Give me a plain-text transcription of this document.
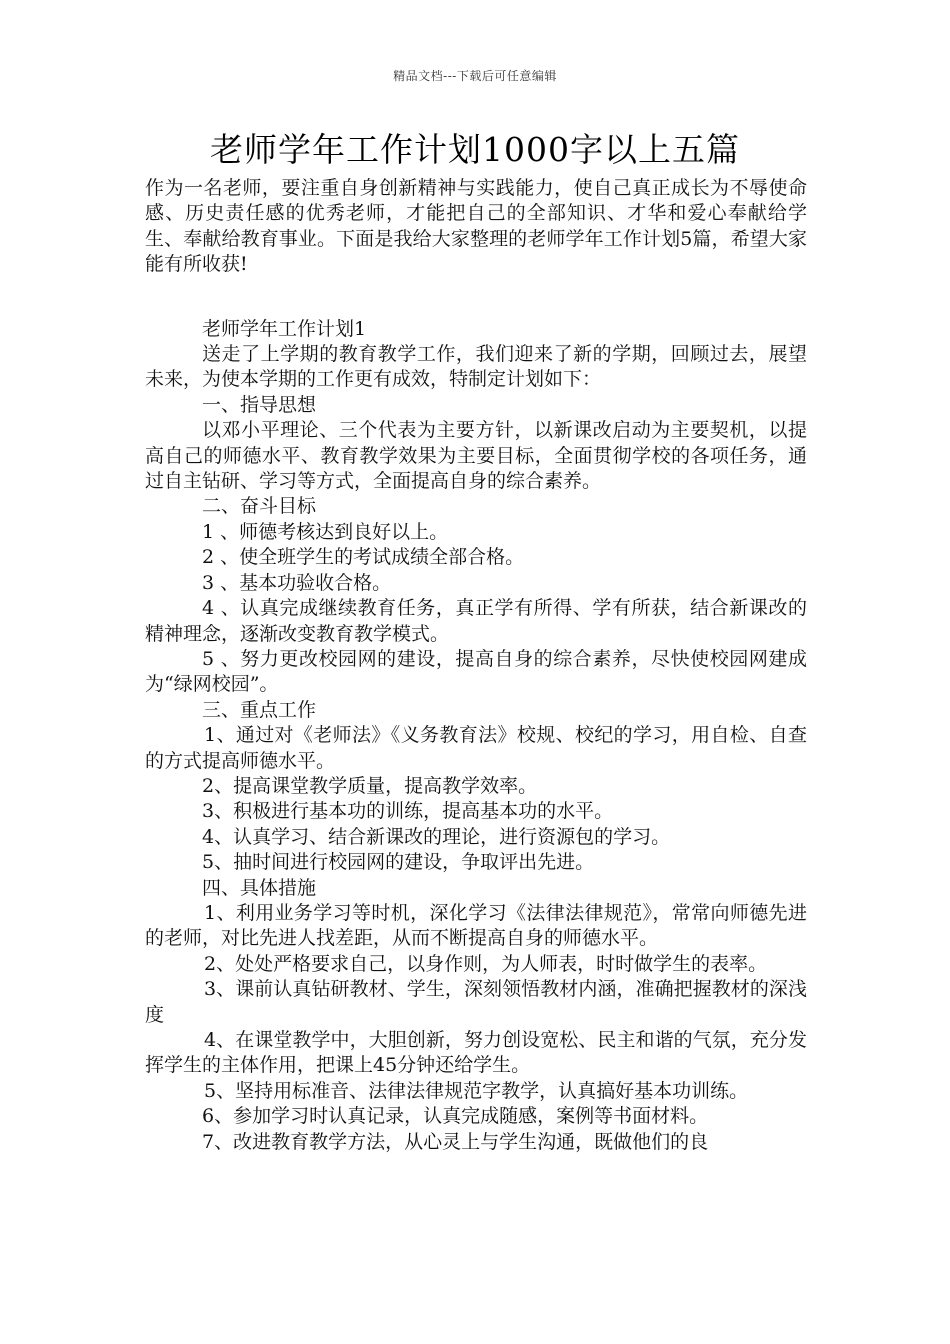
精品文档---下载后可任意编辑
老师学年工作计划1000字以上五篇

作为一名老师，要注重自身创新精神与实践能力，使自己真正成长为不辱使命感、历史责任感的优秀老师，才能把自己的全部知识、才华和爱心奉献给学生、奉献给教育事业。下面是我给大家整理的老师学年工作计划5篇，希望大家能有所收获!

老师学年工作计划1

送走了上学期的教育教学工作，我们迎来了新的学期，回顾过去，展望未来，为使本学期的工作更有成效，特制定计划如下：

一、指导思想

以邓小平理论、三个代表为主要方针，以新课改启动为主要契机，以提高自己的师德水平、教育教学效果为主要目标，全面贯彻学校的各项任务，通过自主钻研、学习等方式，全面提高自身的综合素养。

二、奋斗目标

1 、师德考核达到良好以上。

2 、使全班学生的考试成绩全部合格。

3 、基本功验收合格。

4 、认真完成继续教育任务，真正学有所得、学有所获，结合新课改的精神理念，逐渐改变教育教学模式。

5 、努力更改校园网的建设，提高自身的综合素养，尽快使校园网建成为“绿网校园”。

三、重点工作

1、通过对《老师法》《义务教育法》校规、校纪的学习，用自检、自查的方式提高师德水平。

2、提高课堂教学质量，提高教学效率。

3、积极进行基本功的训练，提高基本功的水平。

4、认真学习、结合新课改的理论，进行资源包的学习。

5、抽时间进行校园网的建设，争取评出先进。

四、具体措施

1、利用业务学习等时机，深化学习《法律法律规范》，常常向师德先进的老师，对比先进人找差距，从而不断提高自身的师德水平。

2、处处严格要求自己，以身作则，为人师表，时时做学生的表率。

3、课前认真钻研教材、学生，深刻领悟教材内涵，准确把握教材的深浅度

4、在课堂教学中，大胆创新，努力创设宽松、民主和谐的气氛，充分发挥学生的主体作用，把课上45分钟还给学生。

5、坚持用标准音、法律法律规范字教学，认真搞好基本功训练。

6、参加学习时认真记录，认真完成随感，案例等书面材料。

7、改进教育教学方法，从心灵上与学生沟通，既做他们的良
